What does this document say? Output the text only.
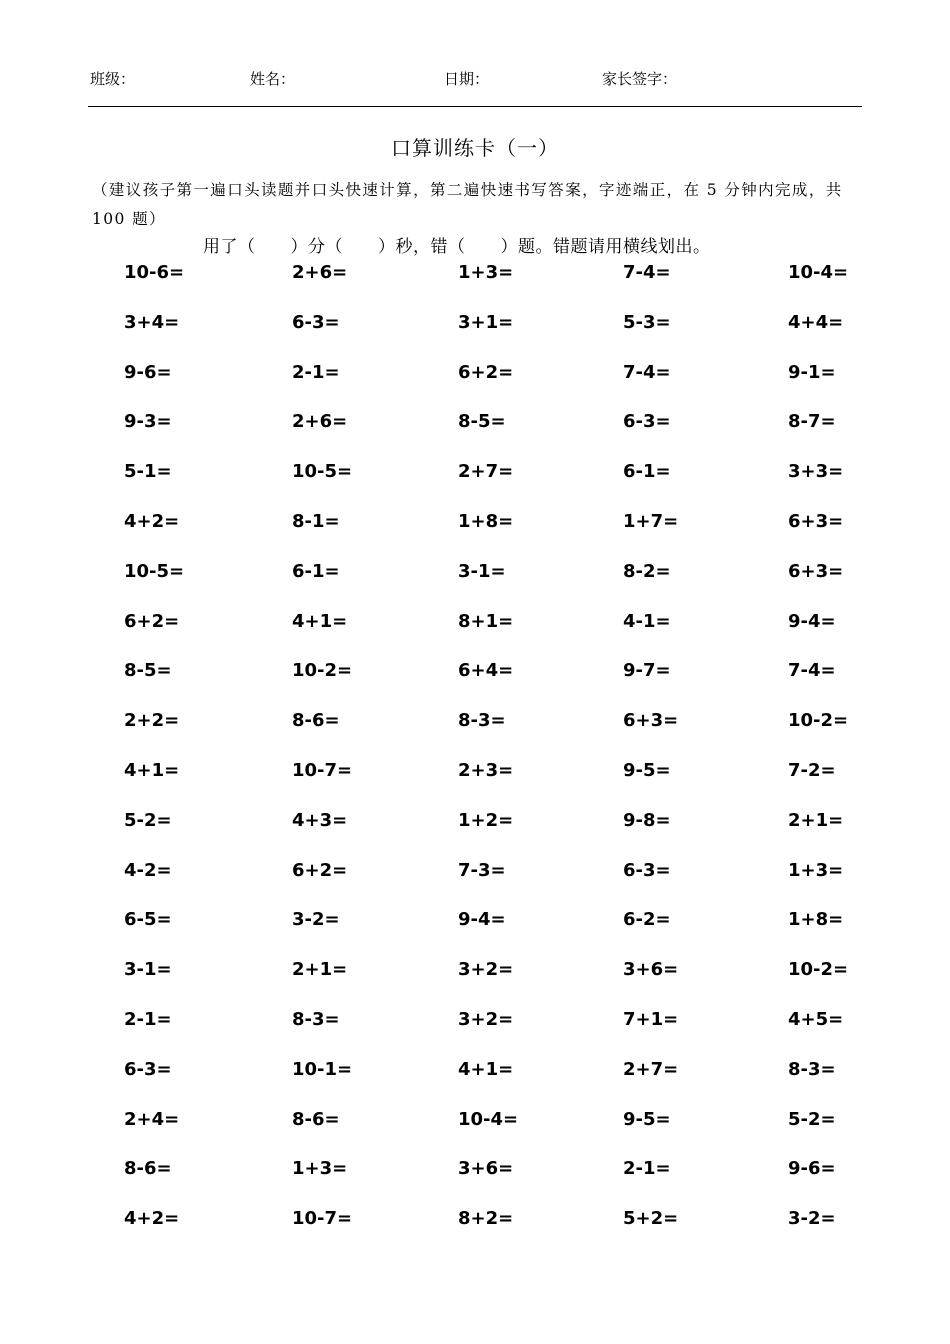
班级：	姓名：	日期：	家长签字：
口算训练卡（一）
（建议孩子第一遍口头读题并口头快速计算，第二遍快速书写答案，字迹端正，在 5 分钟内完成，共 100 题）
用了（　　）分（　　）秒，错（　　）题。错题请用横线划出。
10-6=	2+6=	1+3=	7-4=	10-4=
3+4=	6-3=	3+1=	5-3=	4+4=
9-6=	2-1=	6+2=	7-4=	9-1=
9-3=	2+6=	8-5=	6-3=	8-7=
5-1=	10-5=	2+7=	6-1=	3+3=
4+2=	8-1=	1+8=	1+7=	6+3=
10-5=	6-1=	3-1=	8-2=	6+3=
6+2=	4+1=	8+1=	4-1=	9-4=
8-5=	10-2=	6+4=	9-7=	7-4=
2+2=	8-6=	8-3=	6+3=	10-2=
4+1=	10-7=	2+3=	9-5=	7-2=
5-2=	4+3=	1+2=	9-8=	2+1=
4-2=	6+2=	7-3=	6-3=	1+3=
6-5=	3-2=	9-4=	6-2=	1+8=
3-1=	2+1=	3+2=	3+6=	10-2=
2-1=	8-3=	3+2=	7+1=	4+5=
6-3=	10-1=	4+1=	2+7=	8-3=
2+4=	8-6=	10-4=	9-5=	5-2=
8-6=	1+3=	3+6=	2-1=	9-6=
4+2=	10-7=	8+2=	5+2=	3-2=
